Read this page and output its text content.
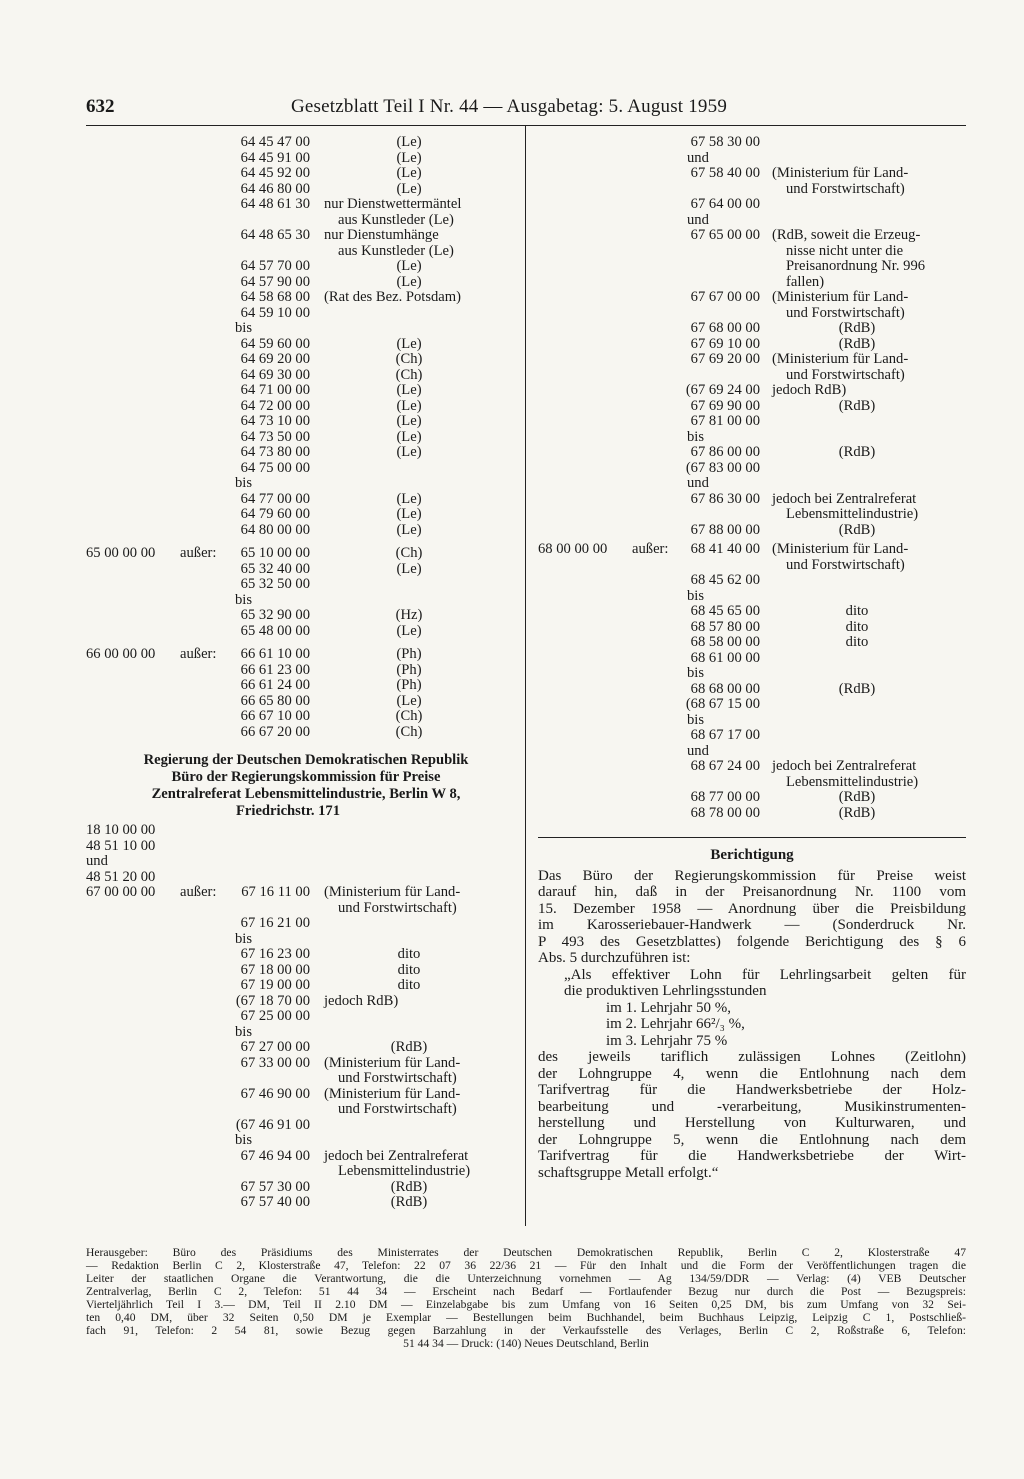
632	Gesetzblatt Teil I Nr. 44 — Ausgabetag: 5. August 1959
64 45 47 00	(Le)
64 45 91 00	(Le)
64 45 92 00	(Le)
64 46 80 00	(Le)
64 48 61 30 nur Dienstwettermäntel
aus Kunstleder (Le)
64 48 65 30 nur Dienstumhänge
aus Kunstleder (Le)
64 57 70 00	(Le)
64 57 90 00	(Le)
64 58 68 00 (Rat des Bez. Potsdam)
64 59 10 00
bis
64 59 60 00	(Le)
64 69 20 00	(Ch)
64 69 30 00	(Ch)
64 71 00 00	(Le)
64 72 00 00	(Le)
64 73 10 00	(Le)
64 73 50 00	(Le)
64 73 80 00	(Le)
64 75 00 00
bis
64 77 00 00	(Le)
64 79 60 00	(Le)
64 80 00 00	(Le)
65 00 00 00 außer: 65 10 00 00	(Ch)
65 32 40 00	(Le)
65 32 50 00
bis
65 32 90 00	(Hz)
65 48 00 00	(Le)
66 00 00 00 außer: 66 61 10 00	(Ph)
66 61 23 00	(Ph)
66 61 24 00	(Ph)
66 65 80 00	(Le)
66 67 10 00	(Ch)
66 67 20 00	(Ch)
Regierung der Deutschen Demokratischen Republik
Büro der Regierungskommission für Preise
Zentralreferat Lebensmittelindustrie, Berlin W 8,
Friedrichstr. 171
18 10 00 00
48 51 10 00
und
48 51 20 00
67 00 00 00 außer: 67 16 11 00 (Ministerium für Land-
und Forstwirtschaft)
67 16 21 00
bis
67 16 23 00	dito
67 18 00 00	dito
67 19 00 00	dito
(67 18 70 00 jedoch RdB)
67 25 00 00
bis
67 27 00 00	(RdB)
67 33 00 00 (Ministerium für Land-
und Forstwirtschaft)
67 46 90 00 (Ministerium für Land-
und Forstwirtschaft)
(67 46 91 00
bis
67 46 94 00 jedoch bei Zentralreferat
Lebensmittelindustrie)
67 57 30 00	(RdB)
67 57 40 00	(RdB)
67 58 30 00
und
67 58 40 00 (Ministerium für Land-
und Forstwirtschaft)
67 64 00 00
und
67 65 00 00 (RdB, soweit die Erzeug-
nisse nicht unter die
Preisanordnung Nr. 996
fallen)
67 67 00 00 (Ministerium für Land-
und Forstwirtschaft)
67 68 00 00	(RdB)
67 69 10 00	(RdB)
67 69 20 00 (Ministerium für Land-
und Forstwirtschaft)
(67 69 24 00 jedoch RdB)
67 69 90 00	(RdB)
67 81 00 00
bis
67 86 00 00	(RdB)
(67 83 00 00
und
67 86 30 00 jedoch bei Zentralreferat
Lebensmittelindustrie)
67 88 00 00	(RdB)
68 00 00 00 außer: 68 41 40 00 (Ministerium für Land-
und Forstwirtschaft)
68 45 62 00
bis
68 45 65 00	dito
68 57 80 00	dito
68 58 00 00	dito
68 61 00 00
bis
68 68 00 00	(RdB)
(68 67 15 00
bis
68 67 17 00
und
68 67 24 00 jedoch bei Zentralreferat
Lebensmittelindustrie)
68 77 00 00	(RdB)
68 78 00 00	(RdB)
Berichtigung
Das Büro der Regierungskommission für Preise weist
darauf hin, daß in der Preisanordnung Nr. 1100 vom
15. Dezember 1958 — Anordnung über die Preisbildung
im Karosseriebauer-Handwerk — (Sonderdruck Nr.
P 493 des Gesetzblattes) folgende Berichtigung des § 6
Abs. 5 durchzuführen ist:
„Als effektiver Lohn für Lehrlingsarbeit gelten für
die produktiven Lehrlingsstunden
im 1. Lehrjahr 50 %,
im 2. Lehrjahr 66²/₃ %,
im 3. Lehrjahr 75 %
des jeweils tariflich zulässigen Lohnes (Zeitlohn)
der Lohngruppe 4, wenn die Entlohnung nach dem
Tarifvertrag für die Handwerksbetriebe der Holz-
bearbeitung und -verarbeitung, Musikinstrumenten-
herstellung und Herstellung von Kulturwaren, und
der Lohngruppe 5, wenn die Entlohnung nach dem
Tarifvertrag für die Handwerksbetriebe der Wirt-
schaftsgruppe Metall erfolgt.“
Herausgeber: Büro des Präsidiums des Ministerrates der Deutschen Demokratischen Republik, Berlin C 2, Klosterstraße 47
— Redaktion Berlin C 2, Klosterstraße 47, Telefon: 22 07 36 22/36 21 — Für den Inhalt und die Form der Veröffentlichungen tragen die
Leiter der staatlichen Organe die Verantwortung, die die Unterzeichnung vornehmen — Ag 134/59/DDR — Verlag: (4) VEB Deutscher
Zentralverlag, Berlin C 2, Telefon: 51 44 34 — Erscheint nach Bedarf — Fortlaufender Bezug nur durch die Post — Bezugspreis:
Vierteljährlich Teil I 3.— DM, Teil II 2.10 DM — Einzelabgabe bis zum Umfang von 16 Seiten 0,25 DM, bis zum Umfang von 32 Sei-
ten 0,40 DM, über 32 Seiten 0,50 DM je Exemplar — Bestellungen beim Buchhandel, beim Buchhaus Leipzig, Leipzig C 1, Postschließ-
fach 91, Telefon: 2 54 81, sowie Bezug gegen Barzahlung in der Verkaufsstelle des Verlages, Berlin C 2, Roßstraße 6, Telefon:
51 44 34 — Druck: (140) Neues Deutschland, Berlin
